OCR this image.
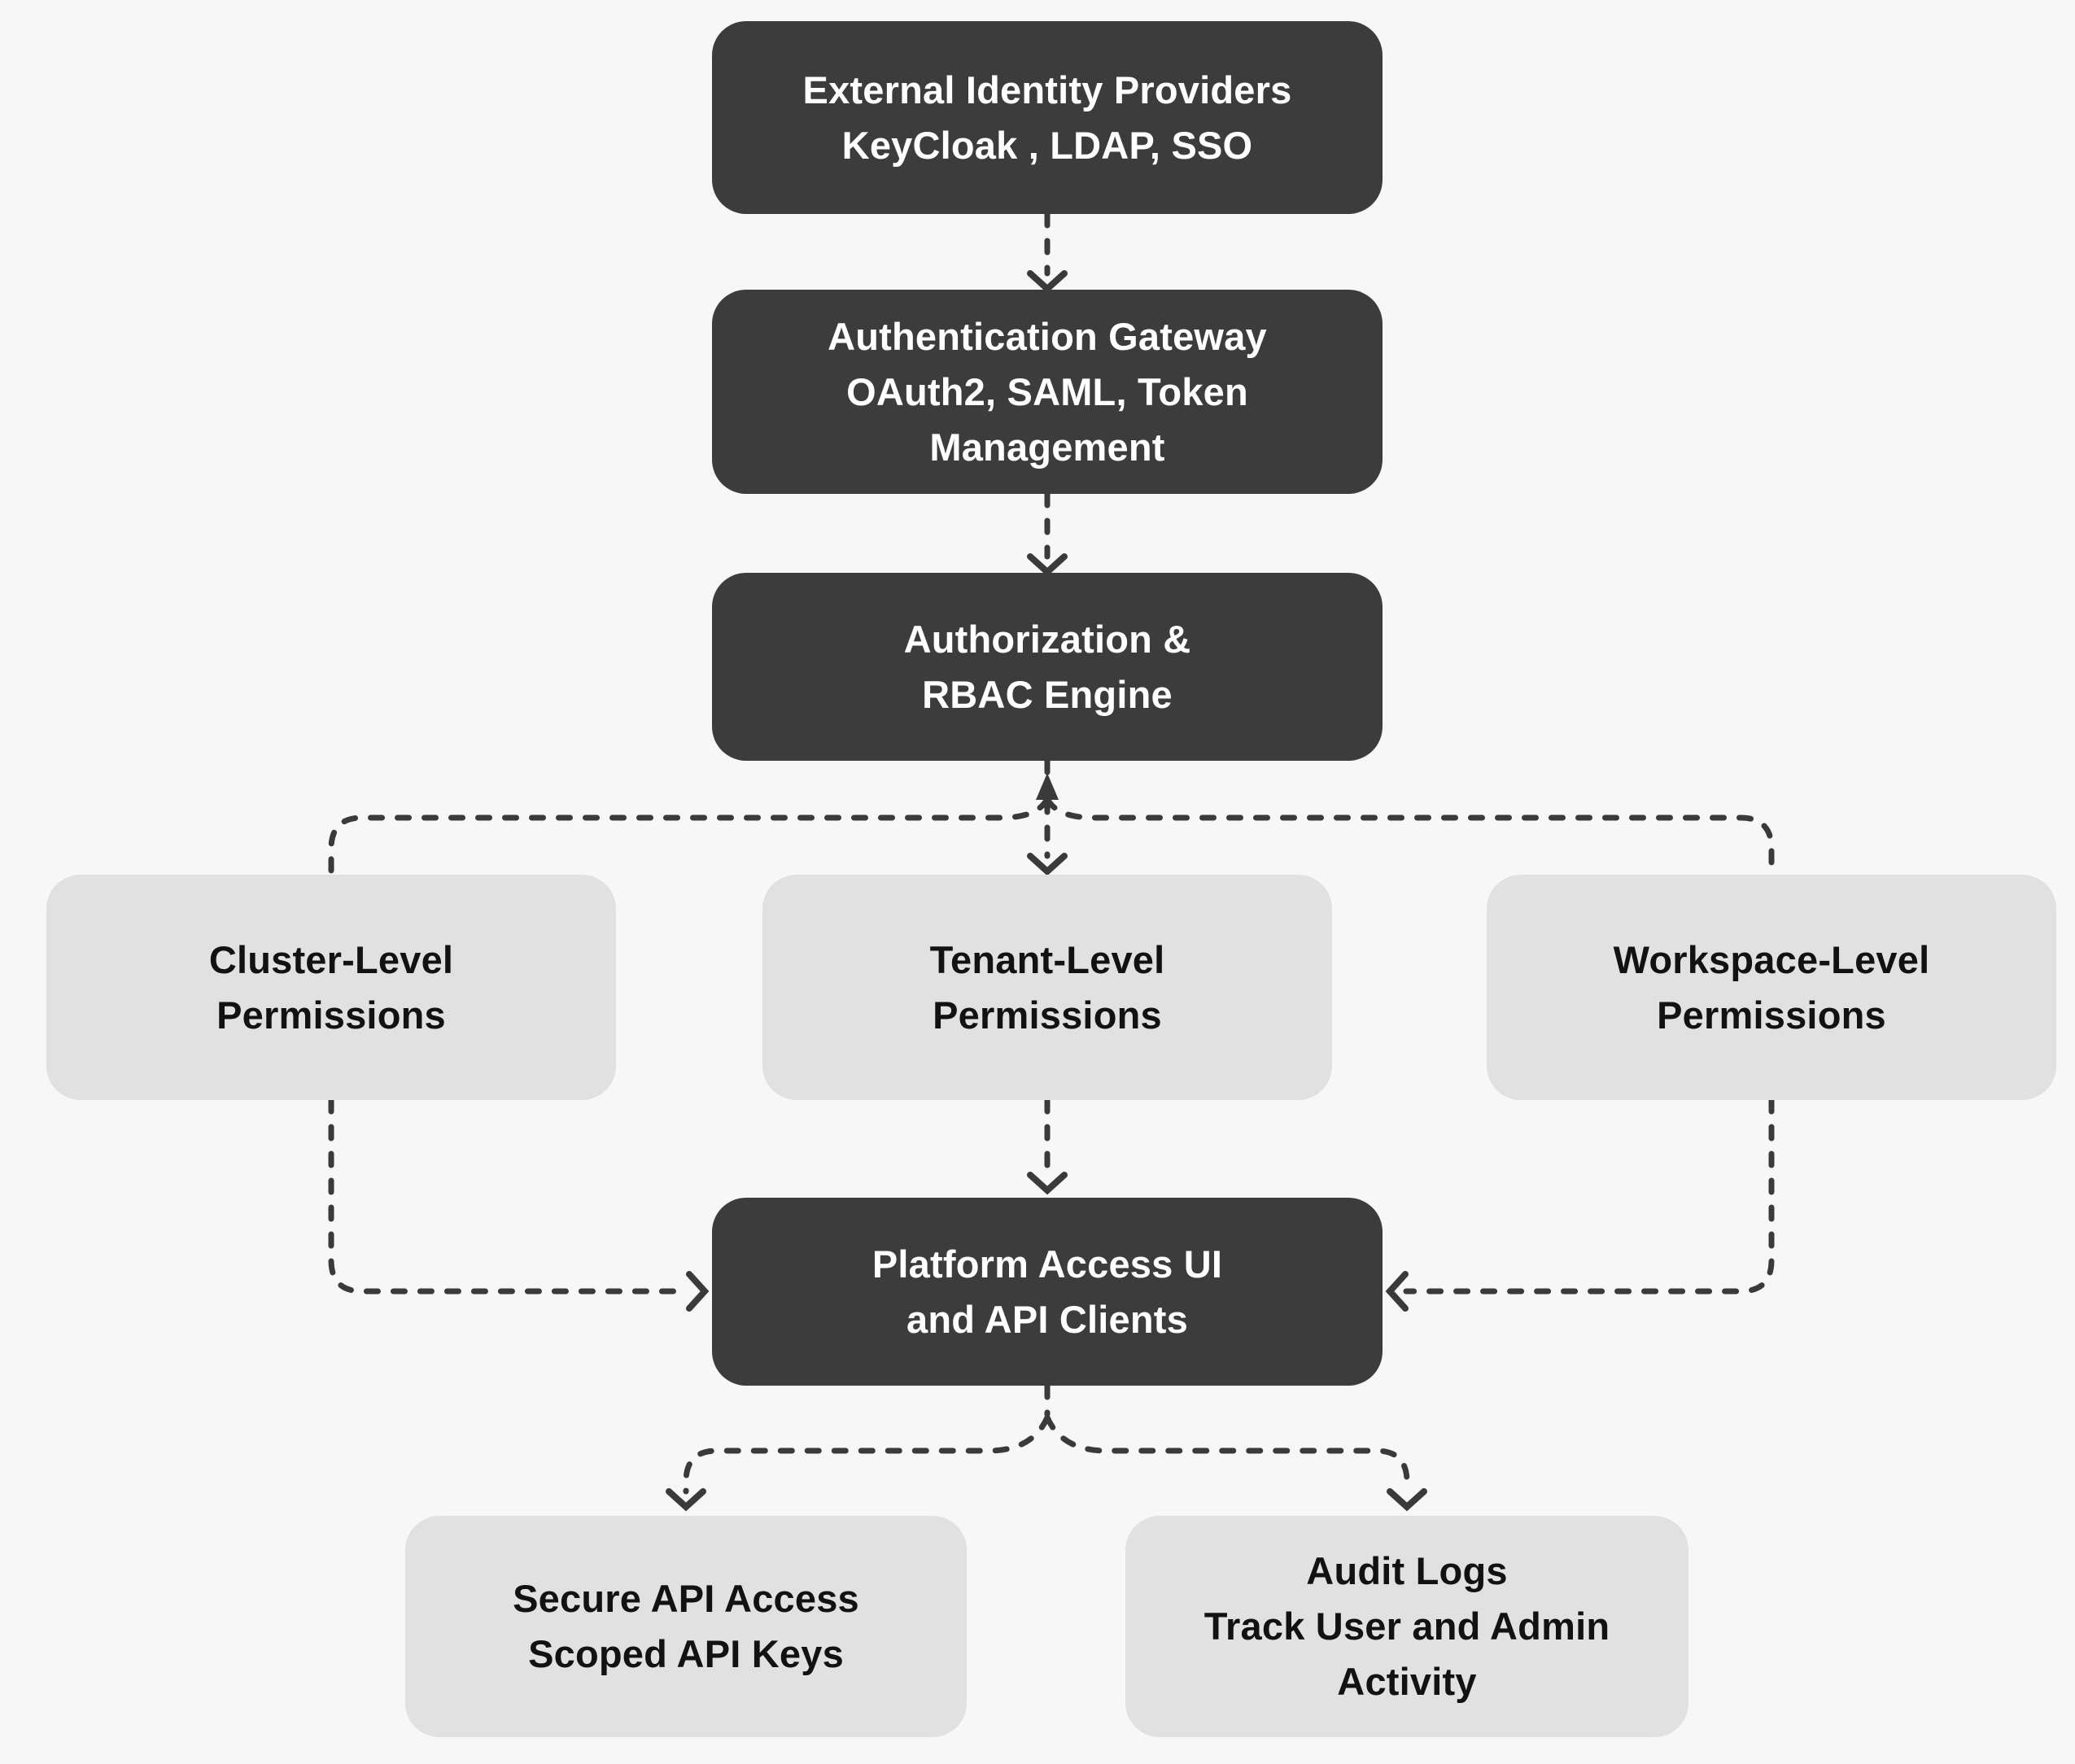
External Identity Providers
KeyCloak , LDAP, SSO
Authentication Gateway
OAuth2, SAML, Token
Management
Authorization &
RBAC Engine
Cluster-Level
Permissions
Tenant-Level
Permissions
Workspace-Level
Permissions
Platform Access UI
and API Clients
Secure API Access
Scoped API Keys
Audit Logs
Track User and Admin
Activity
